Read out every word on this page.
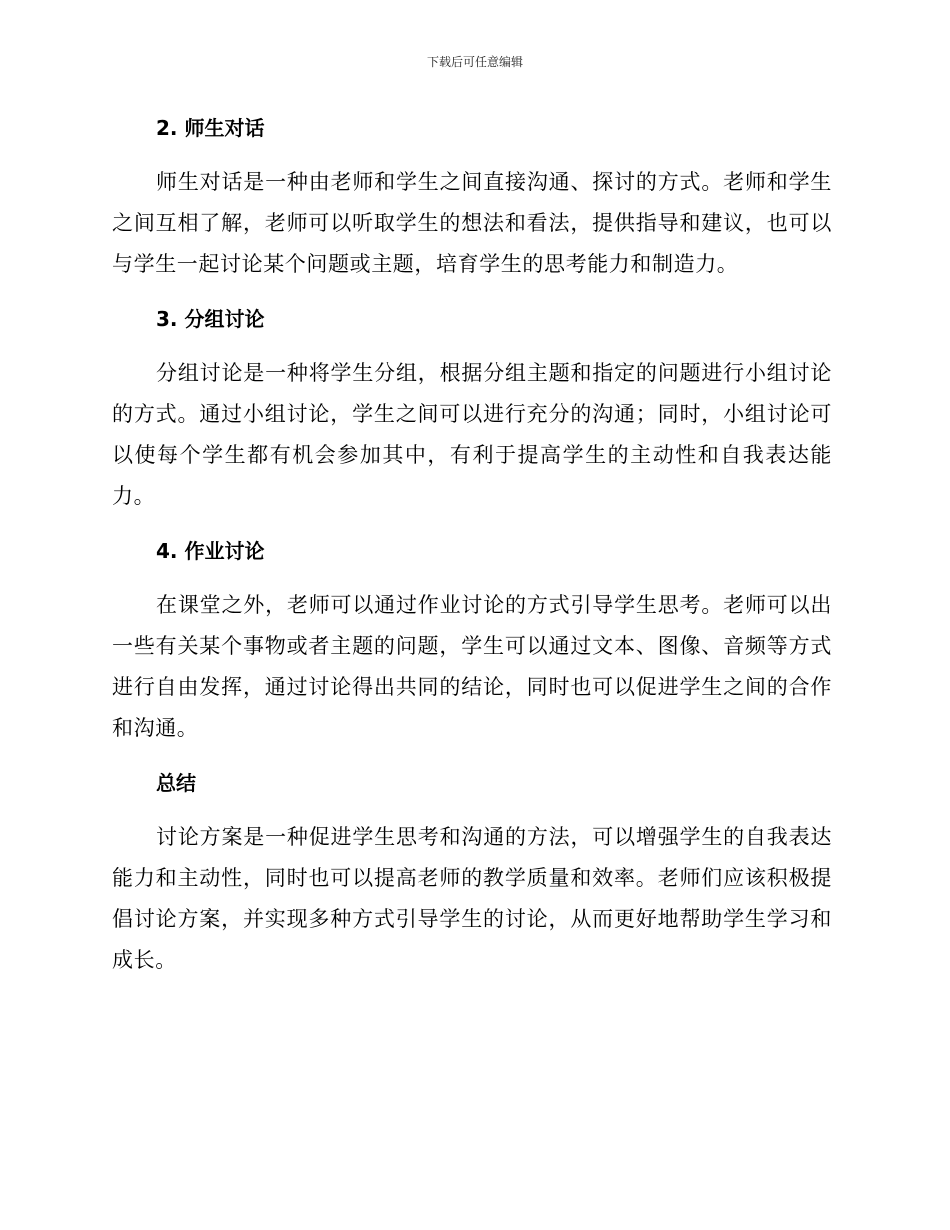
下载后可任意编辑
2. 师生对话

师生对话是一种由老师和学生之间直接沟通、探讨的方式。老师和学生之间互相了解，老师可以听取学生的想法和看法，提供指导和建议，也可以与学生一起讨论某个问题或主题，培育学生的思考能力和制造力。

3. 分组讨论

分组讨论是一种将学生分组，根据分组主题和指定的问题进行小组讨论的方式。通过小组讨论，学生之间可以进行充分的沟通；同时，小组讨论可以使每个学生都有机会参加其中，有利于提高学生的主动性和自我表达能力。

4. 作业讨论

在课堂之外，老师可以通过作业讨论的方式引导学生思考。老师可以出一些有关某个事物或者主题的问题，学生可以通过文本、图像、音频等方式进行自由发挥，通过讨论得出共同的结论，同时也可以促进学生之间的合作和沟通。

总结

讨论方案是一种促进学生思考和沟通的方法，可以增强学生的自我表达能力和主动性，同时也可以提高老师的教学质量和效率。老师们应该积极提倡讨论方案，并实现多种方式引导学生的讨论，从而更好地帮助学生学习和成长。
